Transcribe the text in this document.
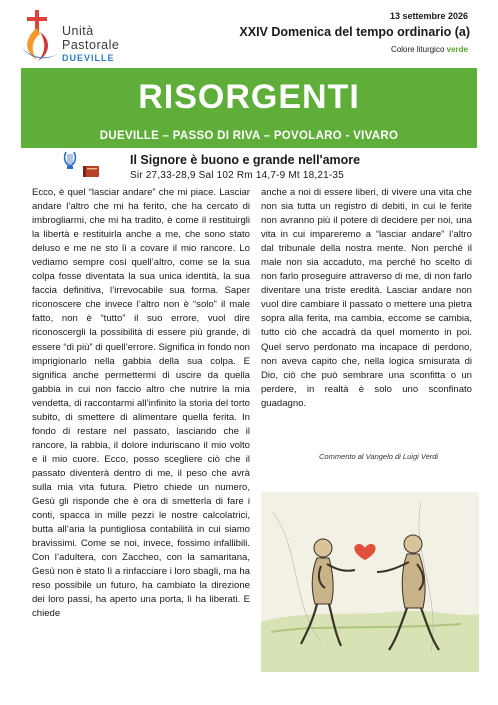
Unità
Pastorale
DUEVILLE
13 settembre 2026
XXIV Domenica del tempo ordinario (a)
Colore liturgico verde
RISORGENTI
DUEVILLE – PASSO DI RIVA – POVOLARO - VIVARO
Il Signore è buono e grande nell'amore
Sir 27,33-28,9 Sal 102 Rm 14,7-9 Mt 18,21-35
Ecco, è quel “lasciar andare” che mi piace. Lasciar andare l’altro che mi ha ferito, che ha cercato di imbrogliarmi, che mi ha tradito, è come il restituirgli la libertà e restituirla anche a me, che sono stato deluso e me ne sto lì a covare il mio rancore. Lo vediamo sempre così quell’altro, come se la sua colpa fosse diventata la sua unica identità, la sua faccia definitiva, l’irrevocabile sua forma. Saper riconoscere che invece l’altro non è “solo” il male fatto, non è “tutto” il suo errore, vuol dire riconoscergli la possibilità di essere più grande, di essere “di più” di quell’errore. Significa in fondo non imprigionarlo nella gabbia della sua colpa. E significa anche permettermi di uscire da quella gabbia in cui non faccio altro che nutrire la mia vendetta, di raccontarmi all’infinito la storia del torto subito, di smettere di alimentare quella ferita. In fondo di restare nel passato, lasciando che il rancore, la rabbia, il dolore induriscano il mio volto e il mio cuore. Ecco, posso scegliere ciò che il passato diventerà dentro di me, il peso che avrà sulla mia vita futura. Pietro chiede un numero, Gesù gli risponde che è ora di smetterla di fare i conti, spacca in mille pezzi le nostre calcolatrici, butta all’aria la puntigliosa contabilità in cui siamo bravissimi. Come se noi, invece, fossimo infallibili. Con l’adultera, con Zaccheo, con la samaritana, Gesù non è stato lì a rinfacciare i loro sbagli, ma ha reso possibile un futuro, ha cambiato la direzione dei loro passi, ha aperto una porta, lì ha liberati. E chiede
anche a noi di essere liberi, di vivere una vita che non sia tutta un registro di debiti, in cui le ferite non avranno più il potere di decidere per noi, una vita in cui impareremo a “lasciar andare” l’altro dal tribunale della nostra mente. Non perché il male non sia accaduto, ma perché ho scelto di non farlo proseguire attraverso di me, di non farlo diventare una triste eredità. Lasciar andare non vuol dire cambiare il passato o mettere una pietra sopra alla ferita, ma cambia, eccome se cambia, tutto ciò che accadrà da quel momento in poi. Quel servo perdonato ma incapace di perdono, non aveva capito che, nella logica smisurata di Dio, ciò che può sembrare una sconfitta o un perdere, in realtà è solo uno sconfinato guadagno.
Commento al Vangelo di Luigi Verdi
